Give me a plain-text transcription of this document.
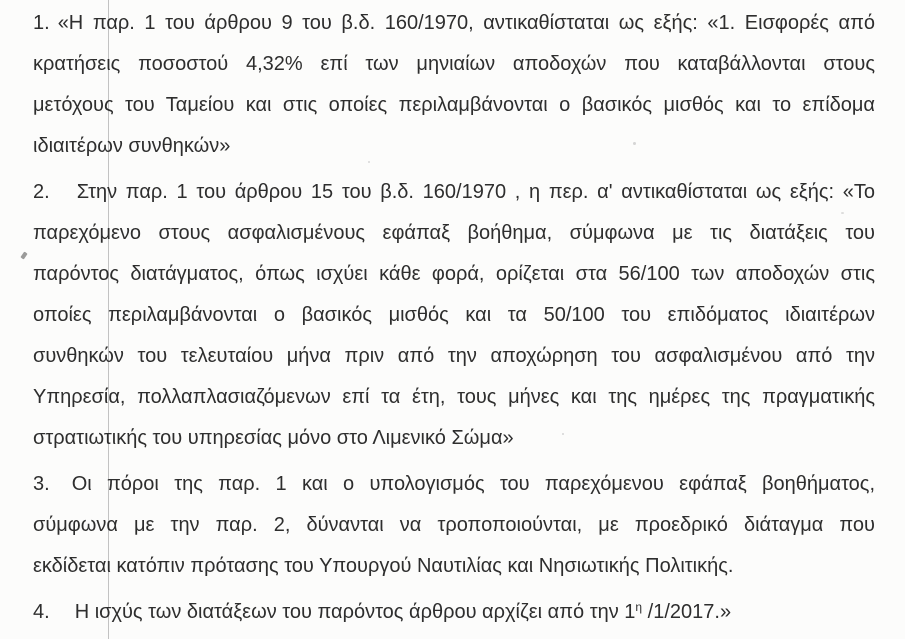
1. «Η παρ. 1 του άρθρου 9 του β.δ. 160/1970, αντικαθίσταται ως εξής: «1. Εισφορές από
κρατήσεις ποσοστού 4,32% επί των μηνιαίων αποδοχών που καταβάλλονται στους
μετόχους του Ταμείου και στις οποίες περιλαμβάνονται ο βασικός μισθός και το επίδομα
ιδιαιτέρων συνθηκών»
2. Στην παρ. 1 του άρθρου 15 του β.δ. 160/1970 , η περ. α' αντικαθίσταται ως εξής: «Το
παρεχόμενο στους ασφαλισμένους εφάπαξ βοήθημα, σύμφωνα με τις διατάξεις του
παρόντος διατάγματος, όπως ισχύει κάθε φορά, ορίζεται στα 56/100 των αποδοχών στις
οποίες περιλαμβάνονται ο βασικός μισθός και τα 50/100 του επιδόματος ιδιαιτέρων
συνθηκών του τελευταίου μήνα πριν από την αποχώρηση του ασφαλισμένου από την
Υπηρεσία, πολλαπλασιαζόμενων επί τα έτη, τους μήνες και της ημέρες της πραγματικής
στρατιωτικής του υπηρεσίας μόνο στο Λιμενικό Σώμα»
3. Οι πόροι της παρ. 1 και ο υπολογισμός του παρεχόμενου εφάπαξ βοηθήματος,
σύμφωνα με την παρ. 2, δύνανται να τροποποιούνται, με προεδρικό διάταγμα που
εκδίδεται κατόπιν πρότασης του Υπουργού Ναυτιλίας και Νησιωτικής Πολιτικής.
4. Η ισχύς των διατάξεων του παρόντος άρθρου αρχίζει από την $1^\eta$ /1/2017.»
